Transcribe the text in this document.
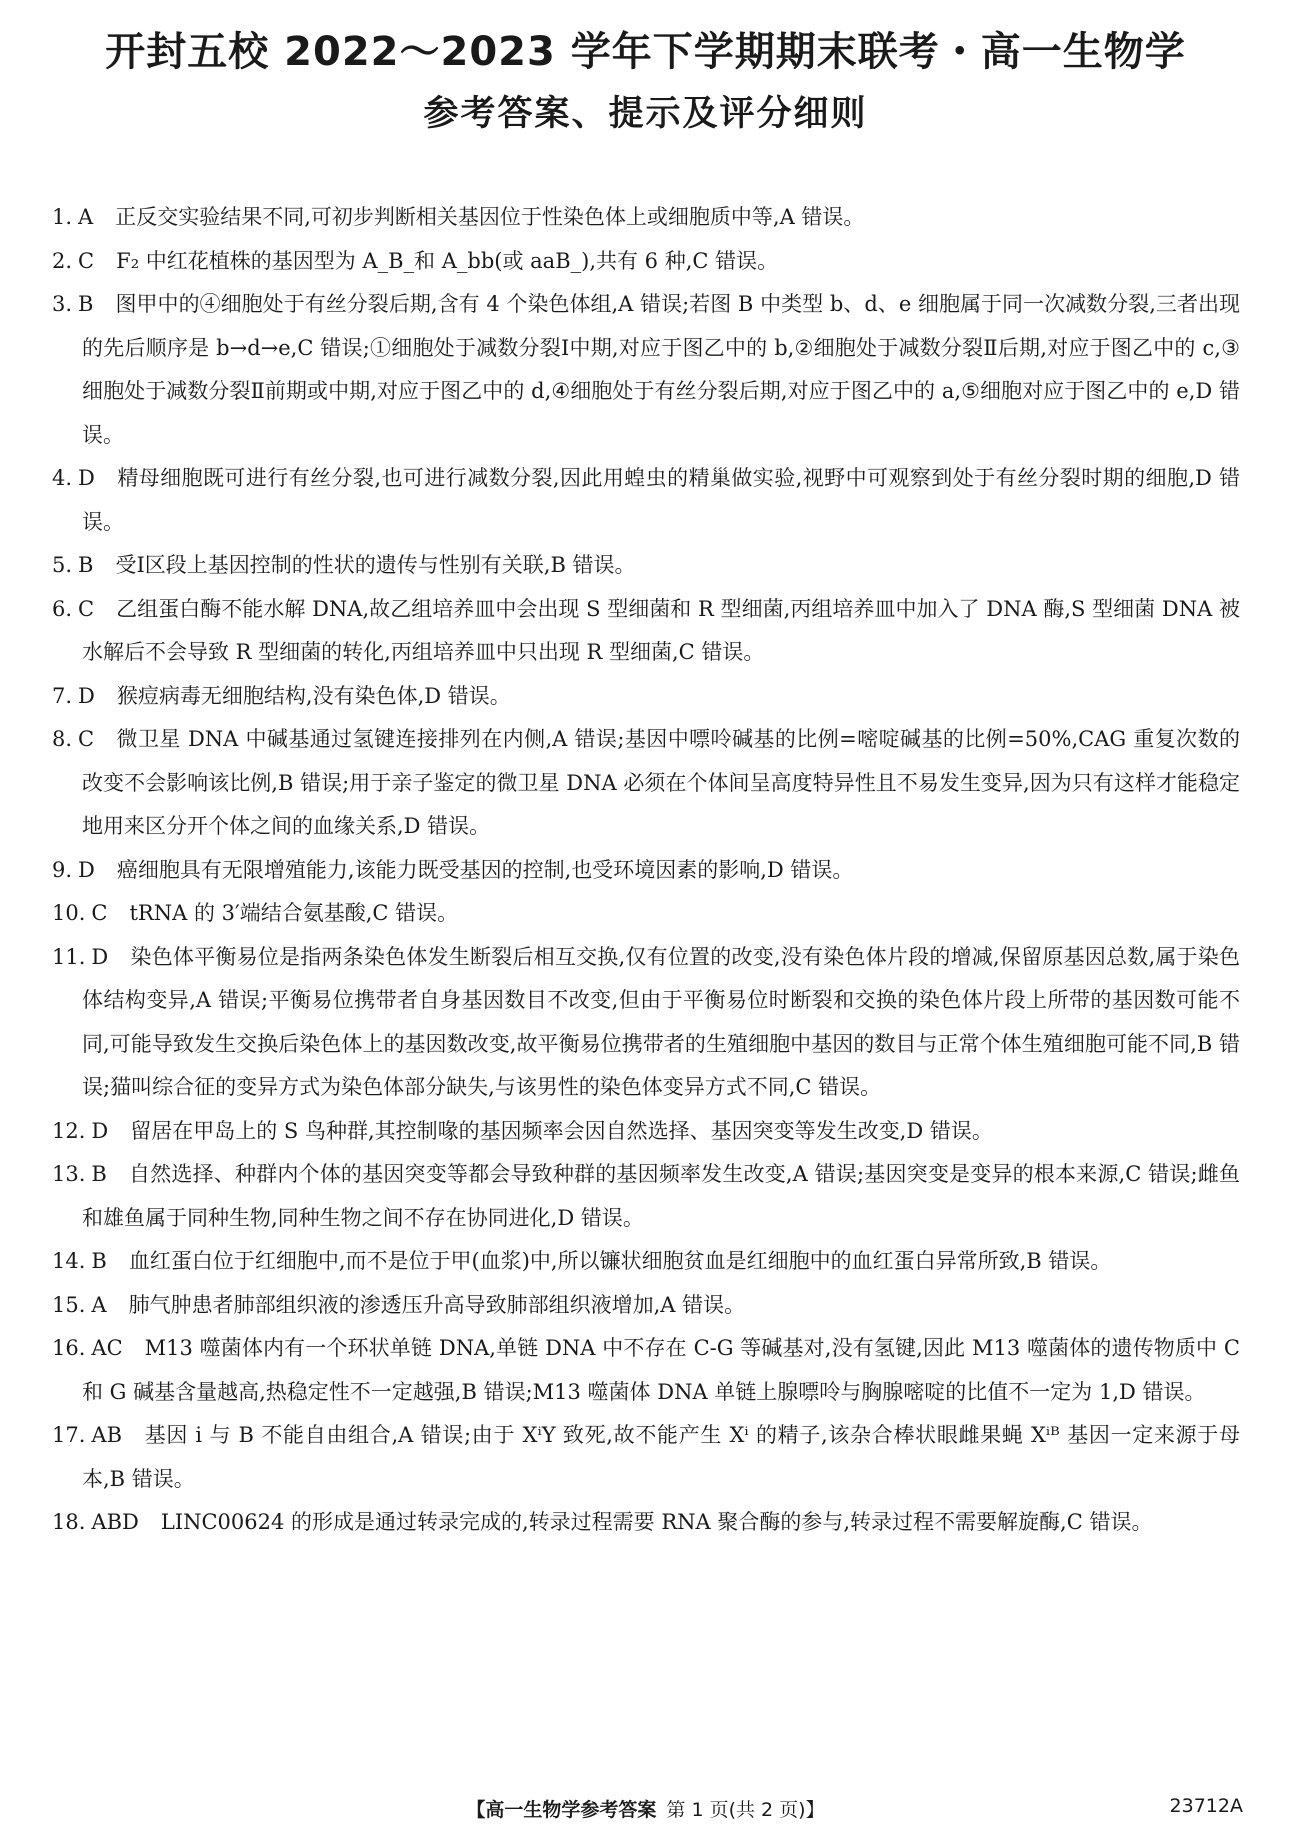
开封五校 2022～2023 学年下学期期末联考・高一生物学
参考答案、提示及评分细则
1. A 正反交实验结果不同,可初步判断相关基因位于性染色体上或细胞质中等,A 错误。
2. C F₂ 中红花植株的基因型为 A_B_和 A_bb(或 aaB_),共有 6 种,C 错误。
3. B 图甲中的④细胞处于有丝分裂后期,含有 4 个染色体组,A 错误;若图 B 中类型 b、d、e 细胞属于同一次减数分裂,三者出现的先后顺序是 b→d→e,C 错误;①细胞处于减数分裂Ⅰ中期,对应于图乙中的 b,②细胞处于减数分裂Ⅱ后期,对应于图乙中的 c,③细胞处于减数分裂Ⅱ前期或中期,对应于图乙中的 d,④细胞处于有丝分裂后期,对应于图乙中的 a,⑤细胞对应于图乙中的 e,D 错误。
4. D 精母细胞既可进行有丝分裂,也可进行减数分裂,因此用蝗虫的精巢做实验,视野中可观察到处于有丝分裂时期的细胞,D 错误。
5. B 受Ⅰ区段上基因控制的性状的遗传与性别有关联,B 错误。
6. C 乙组蛋白酶不能水解 DNA,故乙组培养皿中会出现 S 型细菌和 R 型细菌,丙组培养皿中加入了 DNA 酶,S 型细菌 DNA 被水解后不会导致 R 型细菌的转化,丙组培养皿中只出现 R 型细菌,C 错误。
7. D 猴痘病毒无细胞结构,没有染色体,D 错误。
8. C 微卫星 DNA 中碱基通过氢键连接排列在内侧,A 错误;基因中嘌呤碱基的比例=嘧啶碱基的比例=50%,CAG 重复次数的改变不会影响该比例,B 错误;用于亲子鉴定的微卫星 DNA 必须在个体间呈高度特异性且不易发生变异,因为只有这样才能稳定地用来区分开个体之间的血缘关系,D 错误。
9. D 癌细胞具有无限增殖能力,该能力既受基因的控制,也受环境因素的影响,D 错误。
10. C tRNA 的 3′端结合氨基酸,C 错误。
11. D 染色体平衡易位是指两条染色体发生断裂后相互交换,仅有位置的改变,没有染色体片段的增减,保留原基因总数,属于染色体结构变异,A 错误;平衡易位携带者自身基因数目不改变,但由于平衡易位时断裂和交换的染色体片段上所带的基因数可能不同,可能导致发生交换后染色体上的基因数改变,故平衡易位携带者的生殖细胞中基因的数目与正常个体生殖细胞可能不同,B 错误;猫叫综合征的变异方式为染色体部分缺失,与该男性的染色体变异方式不同,C 错误。
12. D 留居在甲岛上的 S 鸟种群,其控制喙的基因频率会因自然选择、基因突变等发生改变,D 错误。
13. B 自然选择、种群内个体的基因突变等都会导致种群的基因频率发生改变,A 错误;基因突变是变异的根本来源,C 错误;雌鱼和雄鱼属于同种生物,同种生物之间不存在协同进化,D 错误。
14. B 血红蛋白位于红细胞中,而不是位于甲(血浆)中,所以镰状细胞贫血是红细胞中的血红蛋白异常所致,B 错误。
15. A 肺气肿患者肺部组织液的渗透压升高导致肺部组织液增加,A 错误。
16. AC M13 噬菌体内有一个环状单链 DNA,单链 DNA 中不存在 C-G 等碱基对,没有氢键,因此 M13 噬菌体的遗传物质中 C 和 G 碱基含量越高,热稳定性不一定越强,B 错误;M13 噬菌体 DNA 单链上腺嘌呤与胸腺嘧啶的比值不一定为 1,D 错误。
17. AB 基因 i 与 B 不能自由组合,A 错误;由于 XⁱY 致死,故不能产生 Xⁱ 的精子,该杂合棒状眼雌果蝇 Xⁱᴮ 基因一定来源于母本,B 错误。
18. ABD LINC00624 的形成是通过转录完成的,转录过程需要 RNA 聚合酶的参与,转录过程不需要解旋酶,C 错误。
【高一生物学参考答案 第 1 页(共 2 页)】	23712A
